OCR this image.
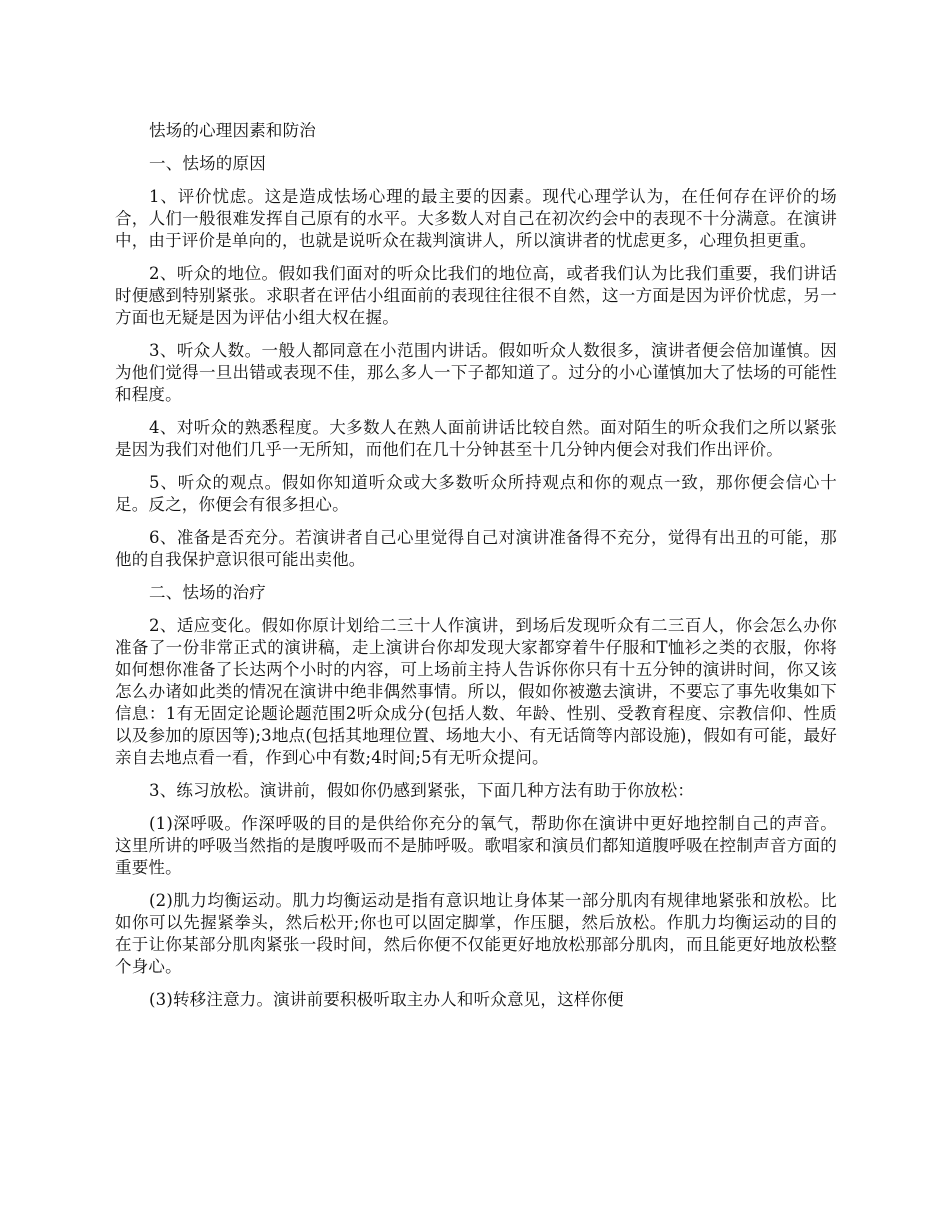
怯场的心理因素和防治

一、怯场的原因

1、评价忧虑。这是造成怯场心理的最主要的因素。现代心理学认为，在任何存在评价的场合，人们一般很难发挥自己原有的水平。大多数人对自己在初次约会中的表现不十分满意。在演讲中，由于评价是单向的，也就是说听众在裁判演讲人，所以演讲者的忧虑更多，心理负担更重。

2、听众的地位。假如我们面对的听众比我们的地位高，或者我们认为比我们重要，我们讲话时便感到特别紧张。求职者在评估小组面前的表现往往很不自然，这一方面是因为评价忧虑，另一方面也无疑是因为评估小组大权在握。

3、听众人数。一般人都同意在小范围内讲话。假如听众人数很多，演讲者便会倍加谨慎。因为他们觉得一旦出错或表现不佳，那么多人一下子都知道了。过分的小心谨慎加大了怯场的可能性和程度。

4、对听众的熟悉程度。大多数人在熟人面前讲话比较自然。面对陌生的听众我们之所以紧张是因为我们对他们几乎一无所知，而他们在几十分钟甚至十几分钟内便会对我们作出评价。

5、听众的观点。假如你知道听众或大多数听众所持观点和你的观点一致，那你便会信心十足。反之，你便会有很多担心。

6、准备是否充分。若演讲者自己心里觉得自己对演讲准备得不充分，觉得有出丑的可能，那他的自我保护意识很可能出卖他。

二、怯场的治疗

2、适应变化。假如你原计划给二三十人作演讲，到场后发现听众有二三百人，你会怎么办你准备了一份非常正式的演讲稿，走上演讲台你却发现大家都穿着牛仔服和T恤衫之类的衣服，你将如何想你准备了长达两个小时的内容，可上场前主持人告诉你你只有十五分钟的演讲时间，你又该怎么办诸如此类的情况在演讲中绝非偶然事情。所以，假如你被邀去演讲，不要忘了事先收集如下信息：1有无固定论题论题范围2听众成分(包括人数、年龄、性别、受教育程度、宗教信仰、性质以及参加的原因等);3地点(包括其地理位置、场地大小、有无话筒等内部设施)，假如有可能，最好亲自去地点看一看，作到心中有数;4时间;5有无听众提问。

3、练习放松。演讲前，假如你仍感到紧张，下面几种方法有助于你放松：

(1)深呼吸。作深呼吸的目的是供给你充分的氧气，帮助你在演讲中更好地控制自己的声音。这里所讲的呼吸当然指的是腹呼吸而不是肺呼吸。歌唱家和演员们都知道腹呼吸在控制声音方面的重要性。

(2)肌力均衡运动。肌力均衡运动是指有意识地让身体某一部分肌肉有规律地紧张和放松。比如你可以先握紧拳头，然后松开;你也可以固定脚掌，作压腿，然后放松。作肌力均衡运动的目的在于让你某部分肌肉紧张一段时间，然后你便不仅能更好地放松那部分肌肉，而且能更好地放松整个身心。

(3)转移注意力。演讲前要积极听取主办人和听众意见，这样你便
